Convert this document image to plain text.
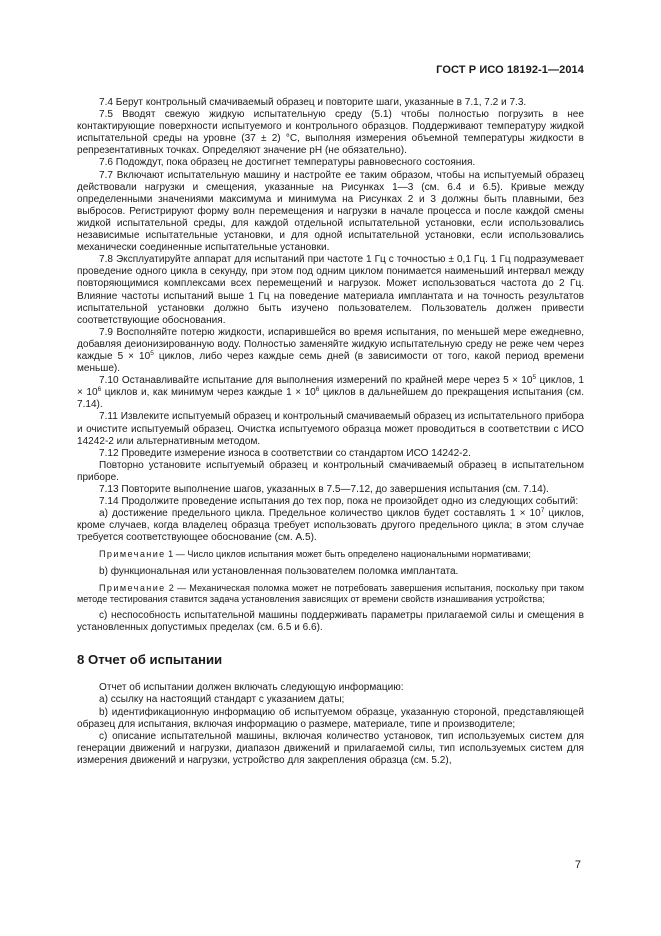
ГОСТ Р ИСО 18192-1—2014

7.4 Берут контрольный смачиваемый образец и повторите шаги, указанные в 7.1, 7.2 и 7.3.

7.5 Вводят свежую жидкую испытательную среду (5.1) чтобы полностью погрузить в нее контактирующие поверхности испытуемого и контрольного образцов. Поддерживают температуру жидкой испытательной среды на уровне (37 ± 2) °С, выполняя измерения объемной температуры жидкости в репрезентативных точках. Определяют значение pH (не обязательно).

7.6 Подождут, пока образец не достигнет температуры равновесного состояния.

7.7 Включают испытательную машину и настройте ее таким образом, чтобы на испытуемый образец действовали нагрузки и смещения, указанные на Рисунках 1—3 (см. 6.4 и 6.5). Кривые между определенными значениями максимума и минимума на Рисунках 2 и 3 должны быть плавными, без выбросов. Регистрируют форму волн перемещения и нагрузки в начале процесса и после каждой смены жидкой испытательной среды, для каждой отдельной испытательной установки, если использовались независимые испытательные установки, и для одной испытательной установки, если использовались механически соединенные испытательные установки.

7.8 Эксплуатируйте аппарат для испытаний при частоте 1 Гц с точностью ± 0,1 Гц. 1 Гц подразумевает проведение одного цикла в секунду, при этом под одним циклом понимается наименьший интервал между повторяющимися комплексами всех перемещений и нагрузок. Может использоваться частота до 2 Гц. Влияние частоты испытаний выше 1 Гц на поведение материала имплантата и на точность результатов испытательной установки должно быть изучено пользователем. Пользователь должен привести соответствующие обоснования.

7.9 Восполняйте потерю жидкости, испарившейся во время испытания, по меньшей мере ежедневно, добавляя деионизированную воду. Полностью заменяйте жидкую испытательную среду не реже чем через каждые $5 \times 10^5$ циклов, либо через каждые семь дней (в зависимости от того, какой период времени меньше).

7.10 Останавливайте испытание для выполнения измерений по крайней мере через $5 \times 10^5$ циклов, $1 \times 10^6$ циклов и, как минимум через каждые $1 \times 10^6$ циклов в дальнейшем до прекращения испытания (см. 7.14).

7.11 Извлеките испытуемый образец и контрольный смачиваемый образец из испытательного прибора и очистите испытуемый образец. Очистка испытуемого образца может проводиться в соответствии с ИСО 14242-2 или альтернативным методом.

7.12 Проведите измерение износа в соответствии со стандартом ИСО 14242-2.

Повторно установите испытуемый образец и контрольный смачиваемый образец в испытательном приборе.

7.13 Повторите выполнение шагов, указанных в 7.5—7.12, до завершения испытания (см. 7.14).

7.14 Продолжите проведение испытания до тех пор, пока не произойдет одно из следующих событий:

а) достижение предельного цикла. Предельное количество циклов будет составлять $1 \times 10^7$ циклов, кроме случаев, когда владелец образца требует использовать другого предельного цикла; в этом случае требуется соответствующее обоснование (см. А.5).

Примечание 1 — Число циклов испытания может быть определено национальными нормативами;

b) функциональная или установленная пользователем поломка имплантата.

Примечание 2 — Механическая поломка может не потребовать завершения испытания, поскольку при таком методе тестирования ставится задача установления зависящих от времени свойств изнашивания устройства;

c) неспособность испытательной машины поддерживать параметры прилагаемой силы и смещения в установленных допустимых пределах (см. 6.5 и 6.6).

8 Отчет об испытании

Отчет об испытании должен включать следующую информацию:

а) ссылку на настоящий стандарт с указанием даты;

b) идентификационную информацию об испытуемом образце, указанную стороной, представляющей образец для испытания, включая информацию о размере, материале, типе и производителе;

с) описание испытательной машины, включая количество установок, тип используемых систем для генерации движений и нагрузки, диапазон движений и прилагаемой силы, тип используемых систем для измерения движений и нагрузки, устройство для закрепления образца (см. 5.2),

7
